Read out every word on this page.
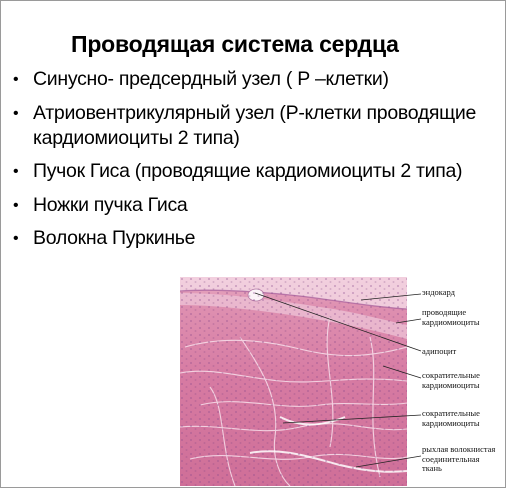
Проводящая система сердца
• Синусно- предсердный узел ( Р –клетки)
• Атриовентрикулярный узел (Р-клетки проводящие кардиомиоциты 2 типа)
• Пучок Гиса (проводящие кардиомиоциты 2 типа)
• Ножки пучка Гиса
• Волокна Пуркинье
эндокард
проводящие
кардиомиоциты
адипоцит
сократительные
кардиомиоциты
сократительные
кардиомиоциты
рыхлая волокнистая
соединительная
ткань
